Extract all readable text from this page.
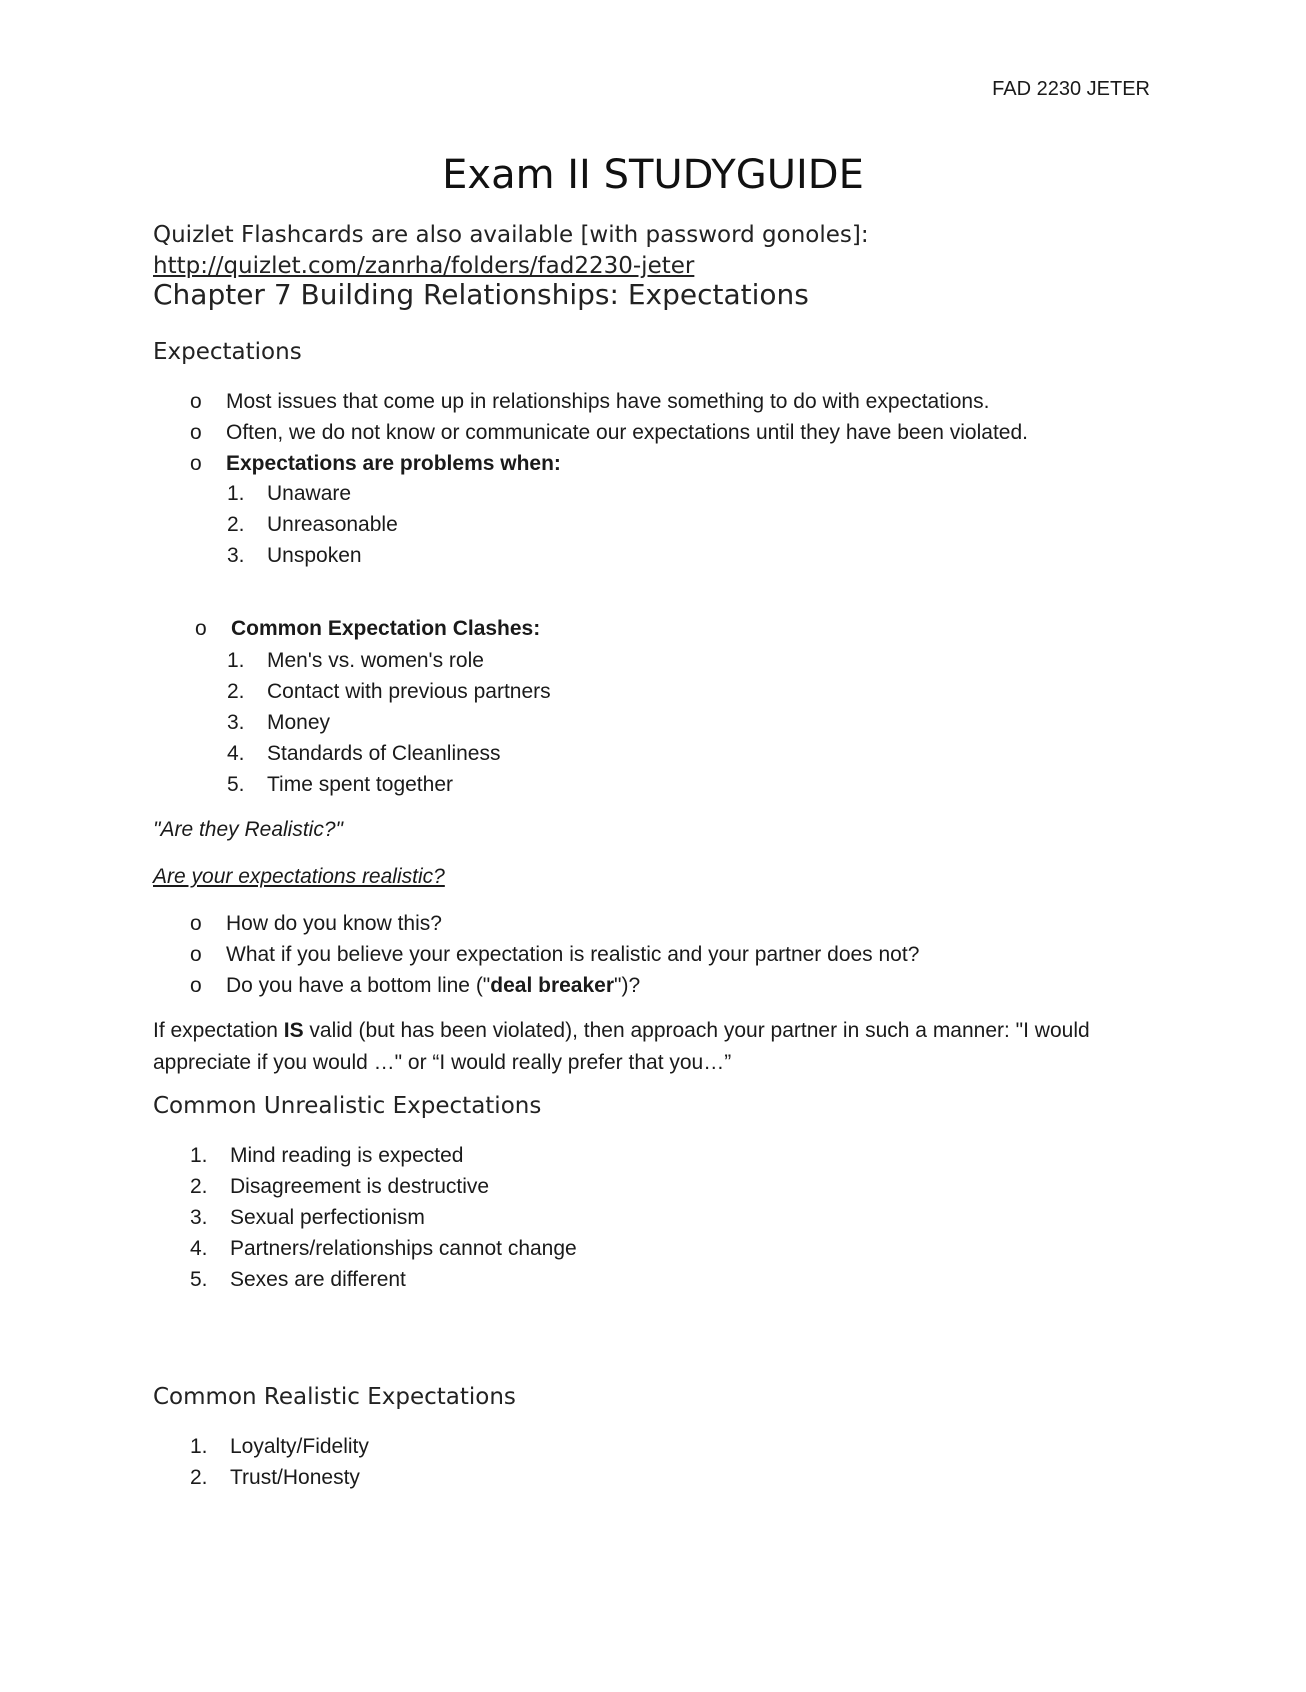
FAD 2230 JETER
Exam II STUDYGUIDE
Quizlet Flashcards are also available [with password gonoles]:
http://quizlet.com/zanrha/folders/fad2230-jeter
Chapter 7 Building Relationships: Expectations
Expectations
o Most issues that come up in relationships have something to do with expectations.
o Often, we do not know or communicate our expectations until they have been violated.
o Expectations are problems when:
1.	Unaware
2.	Unreasonable
3.	Unspoken
o Common Expectation Clashes:
1.	Men's vs. women's role
2.	Contact with previous partners
3.	Money
4.	Standards of Cleanliness
5.	Time spent together
"Are they Realistic?"
Are your expectations realistic?
o How do you know this?
o What if you believe your expectation is realistic and your partner does not?
o Do you have a bottom line ("deal breaker")?
If expectation IS valid (but has been violated), then approach your partner in such a manner: "I would
appreciate if you would …" or “I would really prefer that you…”
Common Unrealistic Expectations
1.	Mind reading is expected
2.	Disagreement is destructive
3.	Sexual perfectionism
4.	Partners/relationships cannot change
5.	Sexes are different
Common Realistic Expectations
1.	Loyalty/Fidelity
2.	Trust/Honesty
